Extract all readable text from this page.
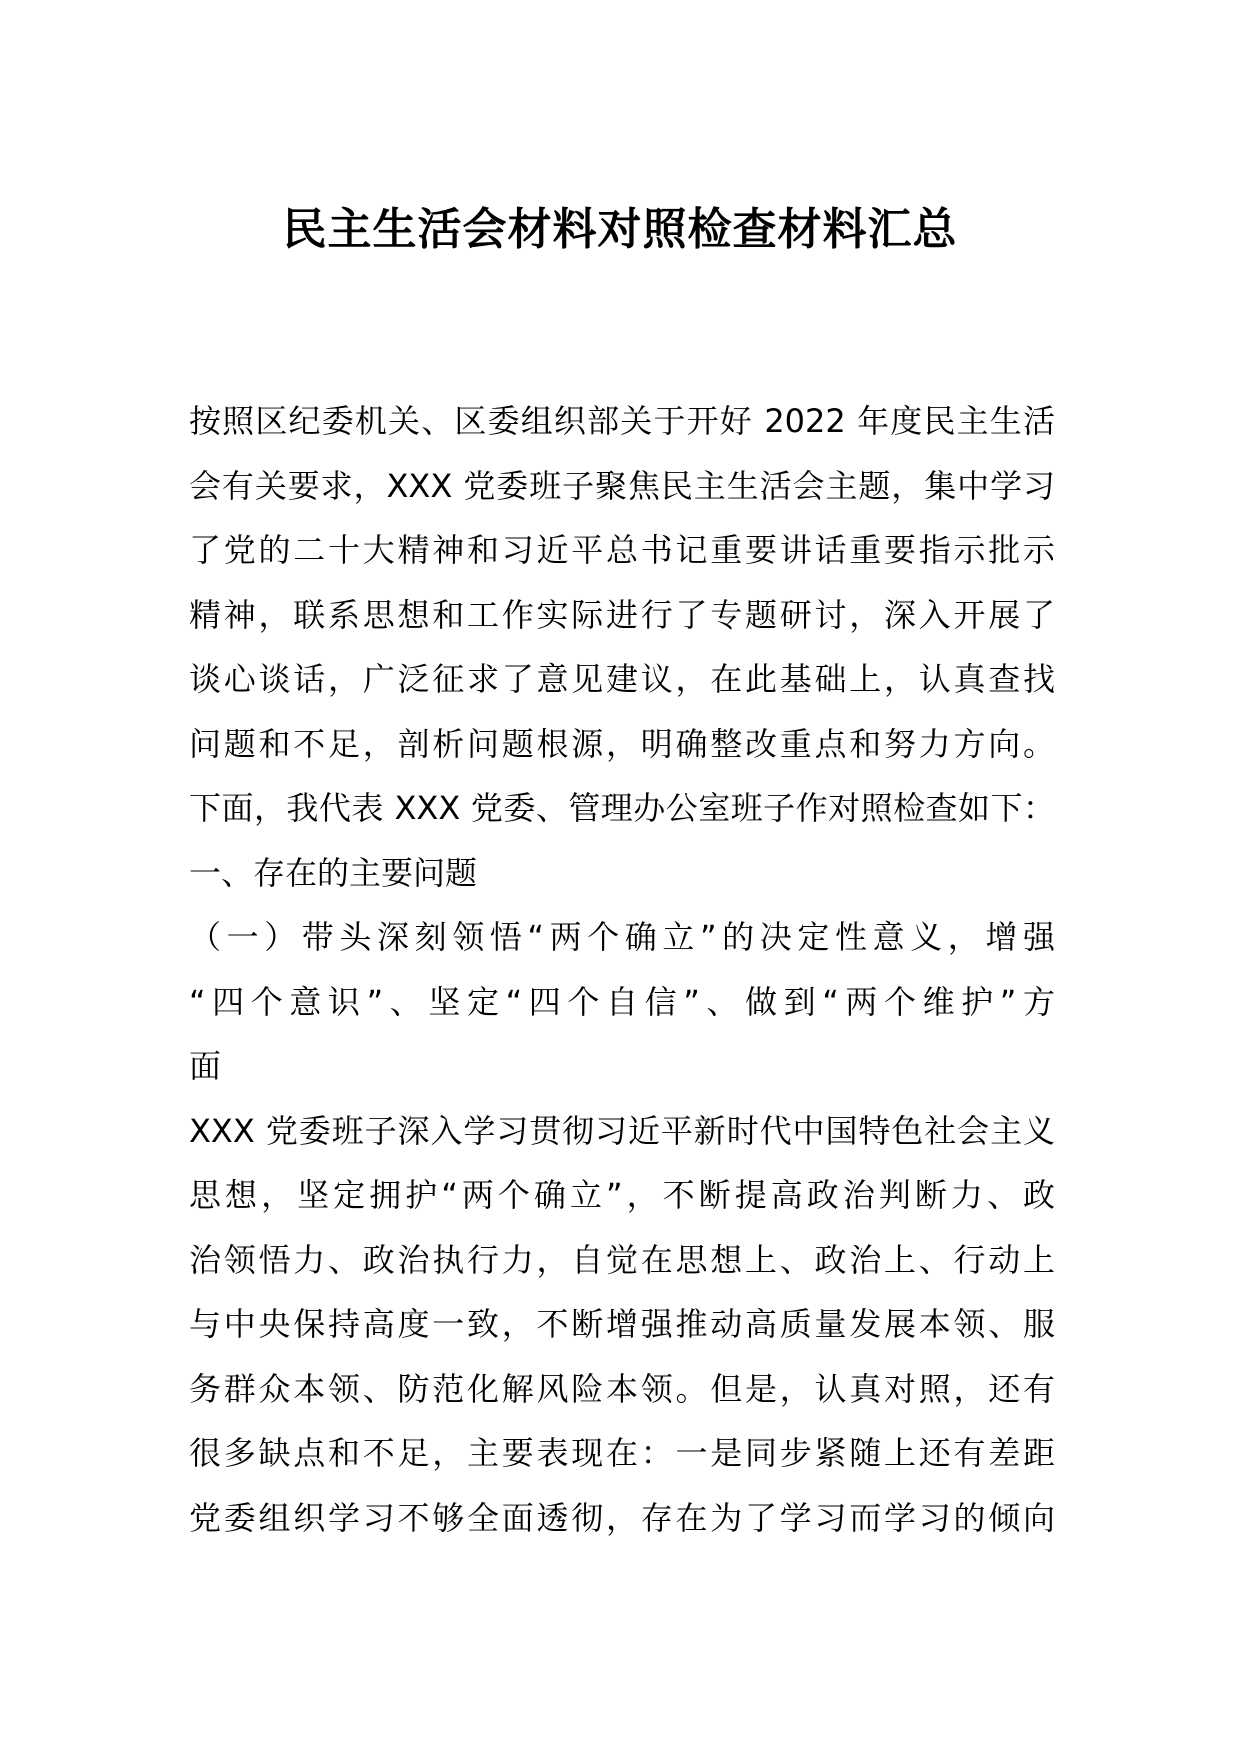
民主生活会材料对照检查材料汇总
按照区纪委机关、区委组织部关于开好 2022 年度民主生活
会有关要求，XXX 党委班子聚焦民主生活会主题，集中学习
了党的二十大精神和习近平总书记重要讲话重要指示批示
精神，联系思想和工作实际进行了专题研讨，深入开展了
谈心谈话，广泛征求了意见建议，在此基础上，认真查找
问题和不足，剖析问题根源，明确整改重点和努力方向。
下面，我代表 XXX 党委、管理办公室班子作对照检查如下：
一、存在的主要问题
（一）带头深刻领悟“两个确立”的决定性意义，增强
“四个意识”、坚定“四个自信”、做到“两个维护”方
面
XXX 党委班子深入学习贯彻习近平新时代中国特色社会主义
思想，坚定拥护“两个确立”，不断提高政治判断力、政
治领悟力、政治执行力，自觉在思想上、政治上、行动上
与中央保持高度一致，不断增强推动高质量发展本领、服
务群众本领、防范化解风险本领。但是，认真对照，还有
很多缺点和不足，主要表现在：一是同步紧随上还有差距
党委组织学习不够全面透彻，存在为了学习而学习的倾向
